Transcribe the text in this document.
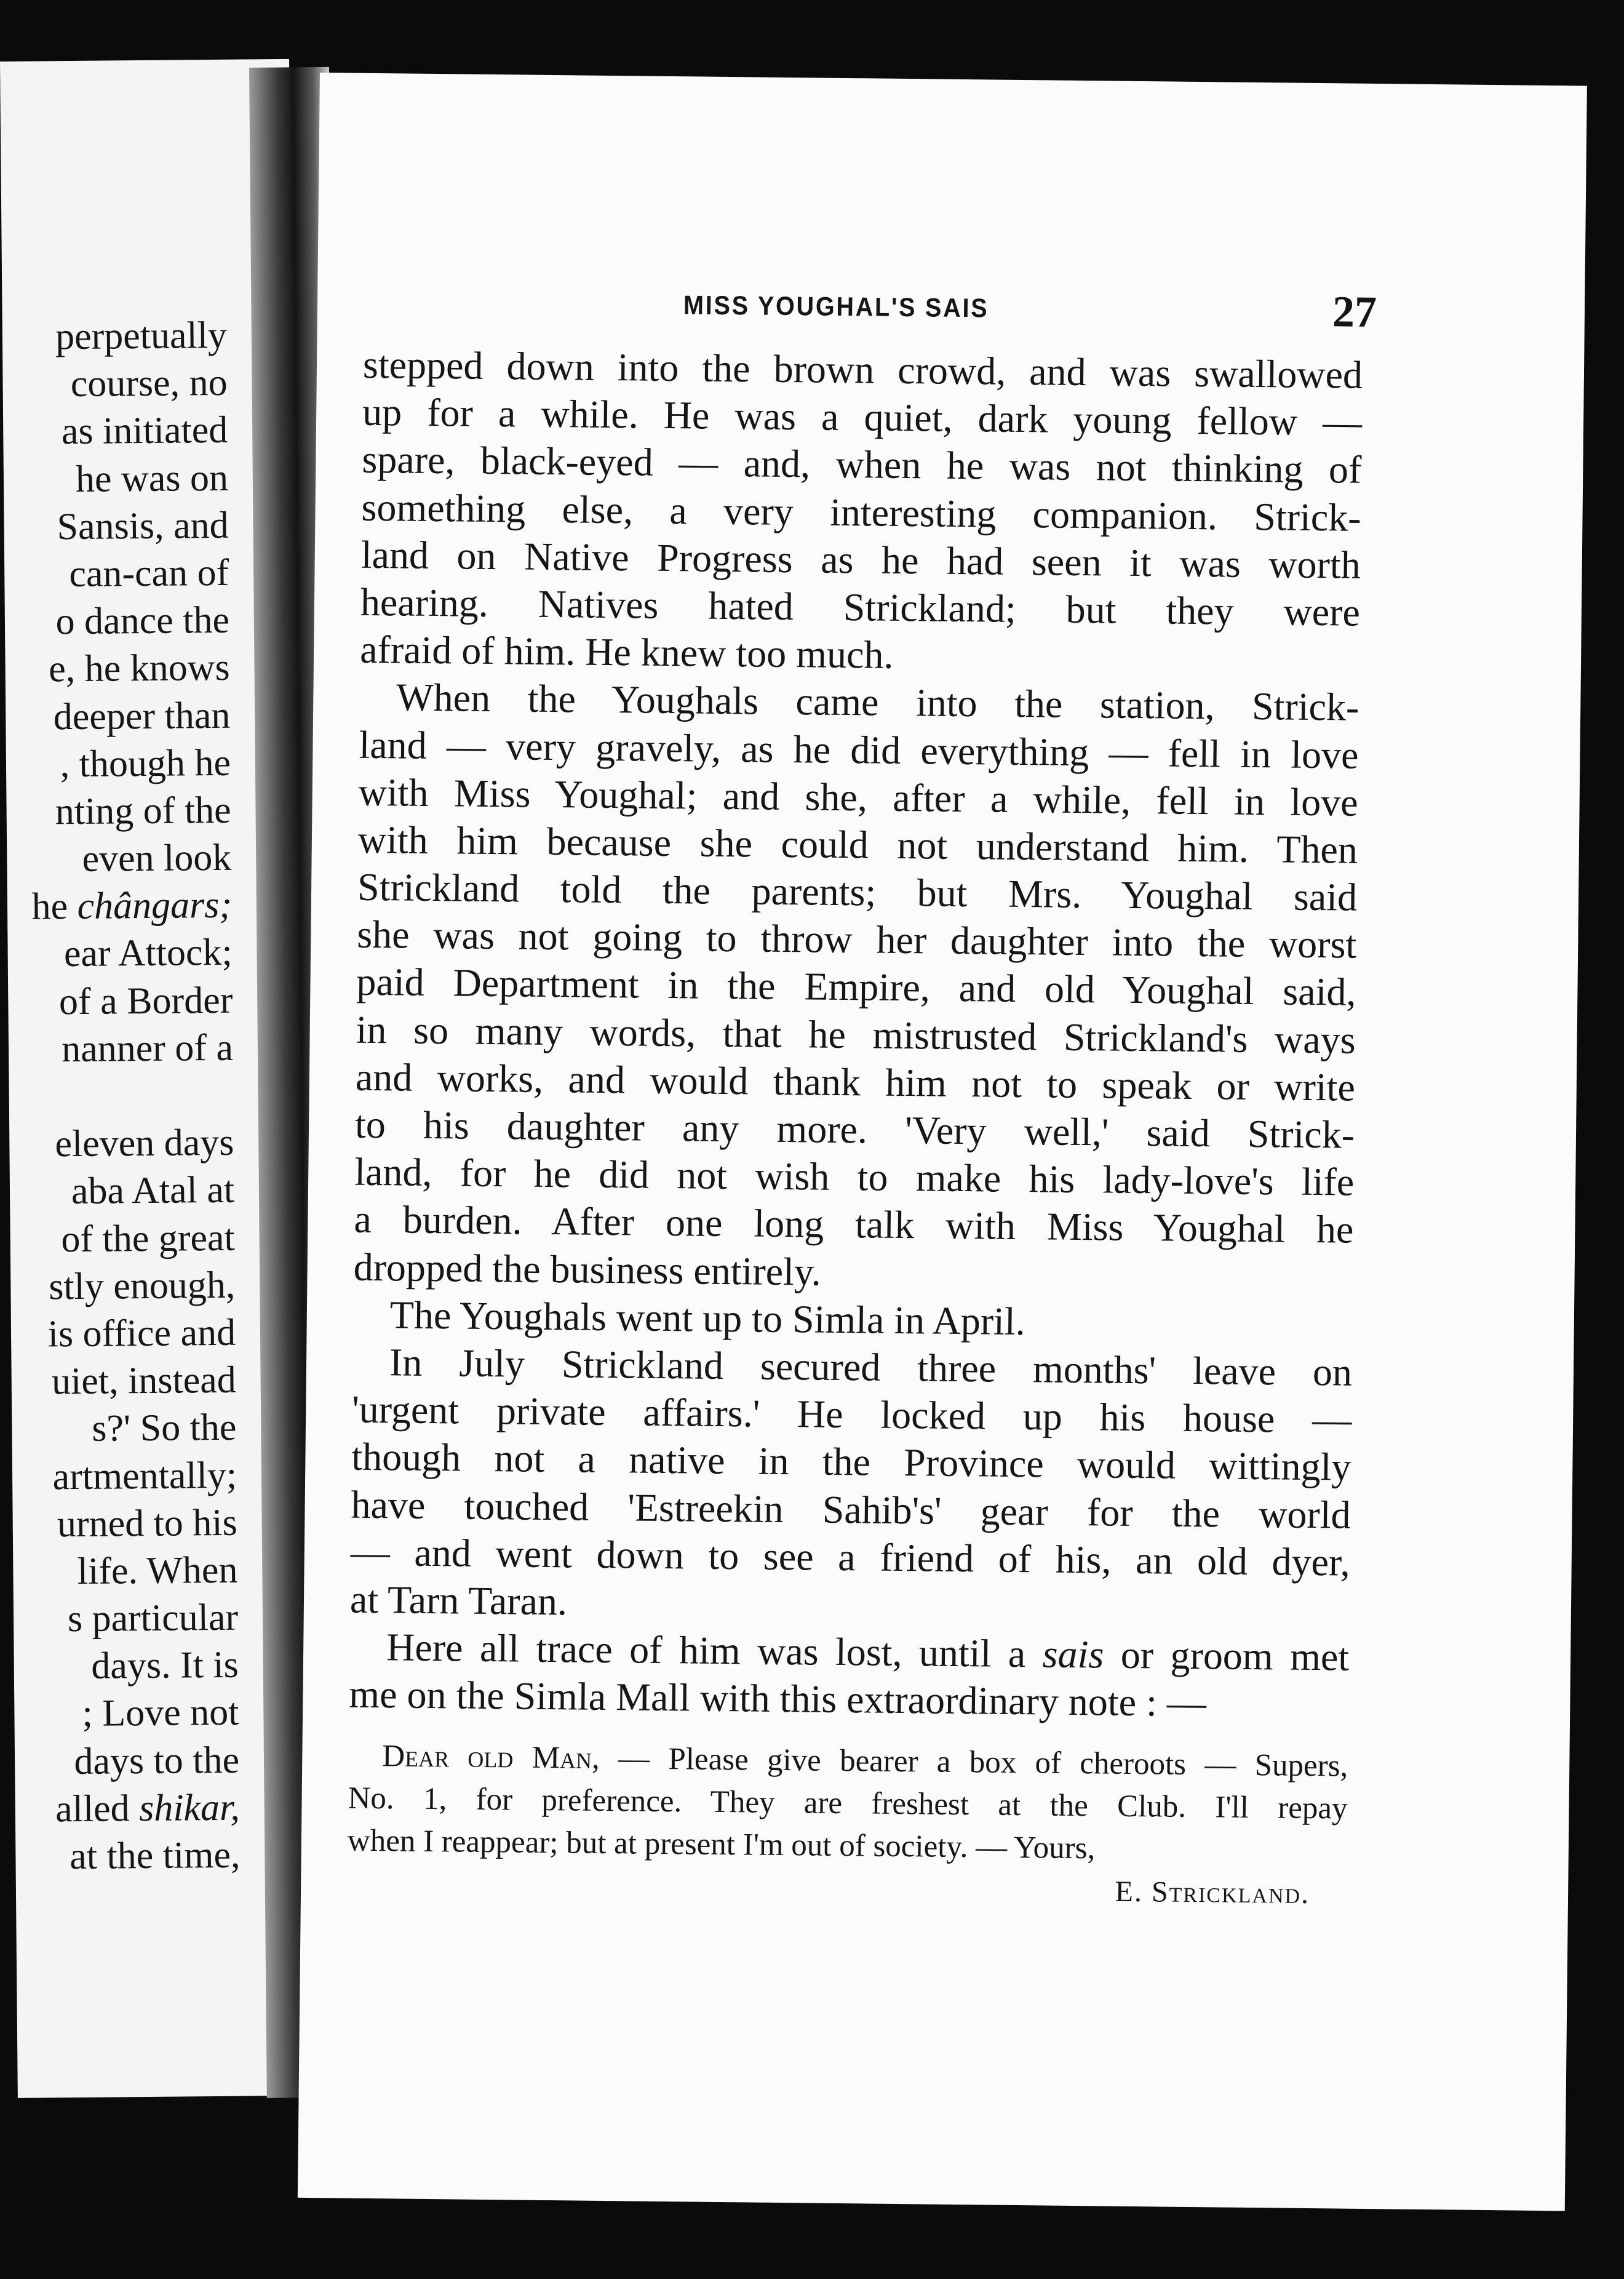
perpetually
course, no
as initiated
he was on
Sansis, and
can-can of
o dance the
e, he knows
deeper than
, though he
nting of the
even look
he chângars;
ear Attock;
of a Border
nanner of a
eleven days
aba Atal at
of the great
stly enough,
is office and
uiet, instead
s?' So the
artmentally;
urned to his
life. When
s particular
days. It is
; Love not
days to the
alled shikar,
at the time,
MISS YOUGHAL'S SAIS	27
stepped down into the brown crowd, and was swallowed
up for a while. He was a quiet, dark young fellow —
spare, black-eyed — and, when he was not thinking of
something else, a very interesting companion. Strick-
land on Native Progress as he had seen it was worth
hearing. Natives hated Strickland; but they were
afraid of him. He knew too much.
When the Youghals came into the station, Strick-
land — very gravely, as he did everything — fell in love
with Miss Youghal; and she, after a while, fell in love
with him because she could not understand him. Then
Strickland told the parents; but Mrs. Youghal said
she was not going to throw her daughter into the worst
paid Department in the Empire, and old Youghal said,
in so many words, that he mistrusted Strickland's ways
and works, and would thank him not to speak or write
to his daughter any more. 'Very well,' said Strick-
land, for he did not wish to make his lady-love's life
a burden. After one long talk with Miss Youghal he
dropped the business entirely.
The Youghals went up to Simla in April.
In July Strickland secured three months' leave on
'urgent private affairs.' He locked up his house —
though not a native in the Province would wittingly
have touched 'Estreekin Sahib's' gear for the world
— and went down to see a friend of his, an old dyer,
at Tarn Taran.
Here all trace of him was lost, until a sais or groom met
me on the Simla Mall with this extraordinary note : —
Dear old Man, — Please give bearer a box of cheroots — Supers,
No. 1, for preference. They are freshest at the Club. I'll repay
when I reappear; but at present I'm out of society. — Yours,
E. Strickland.
